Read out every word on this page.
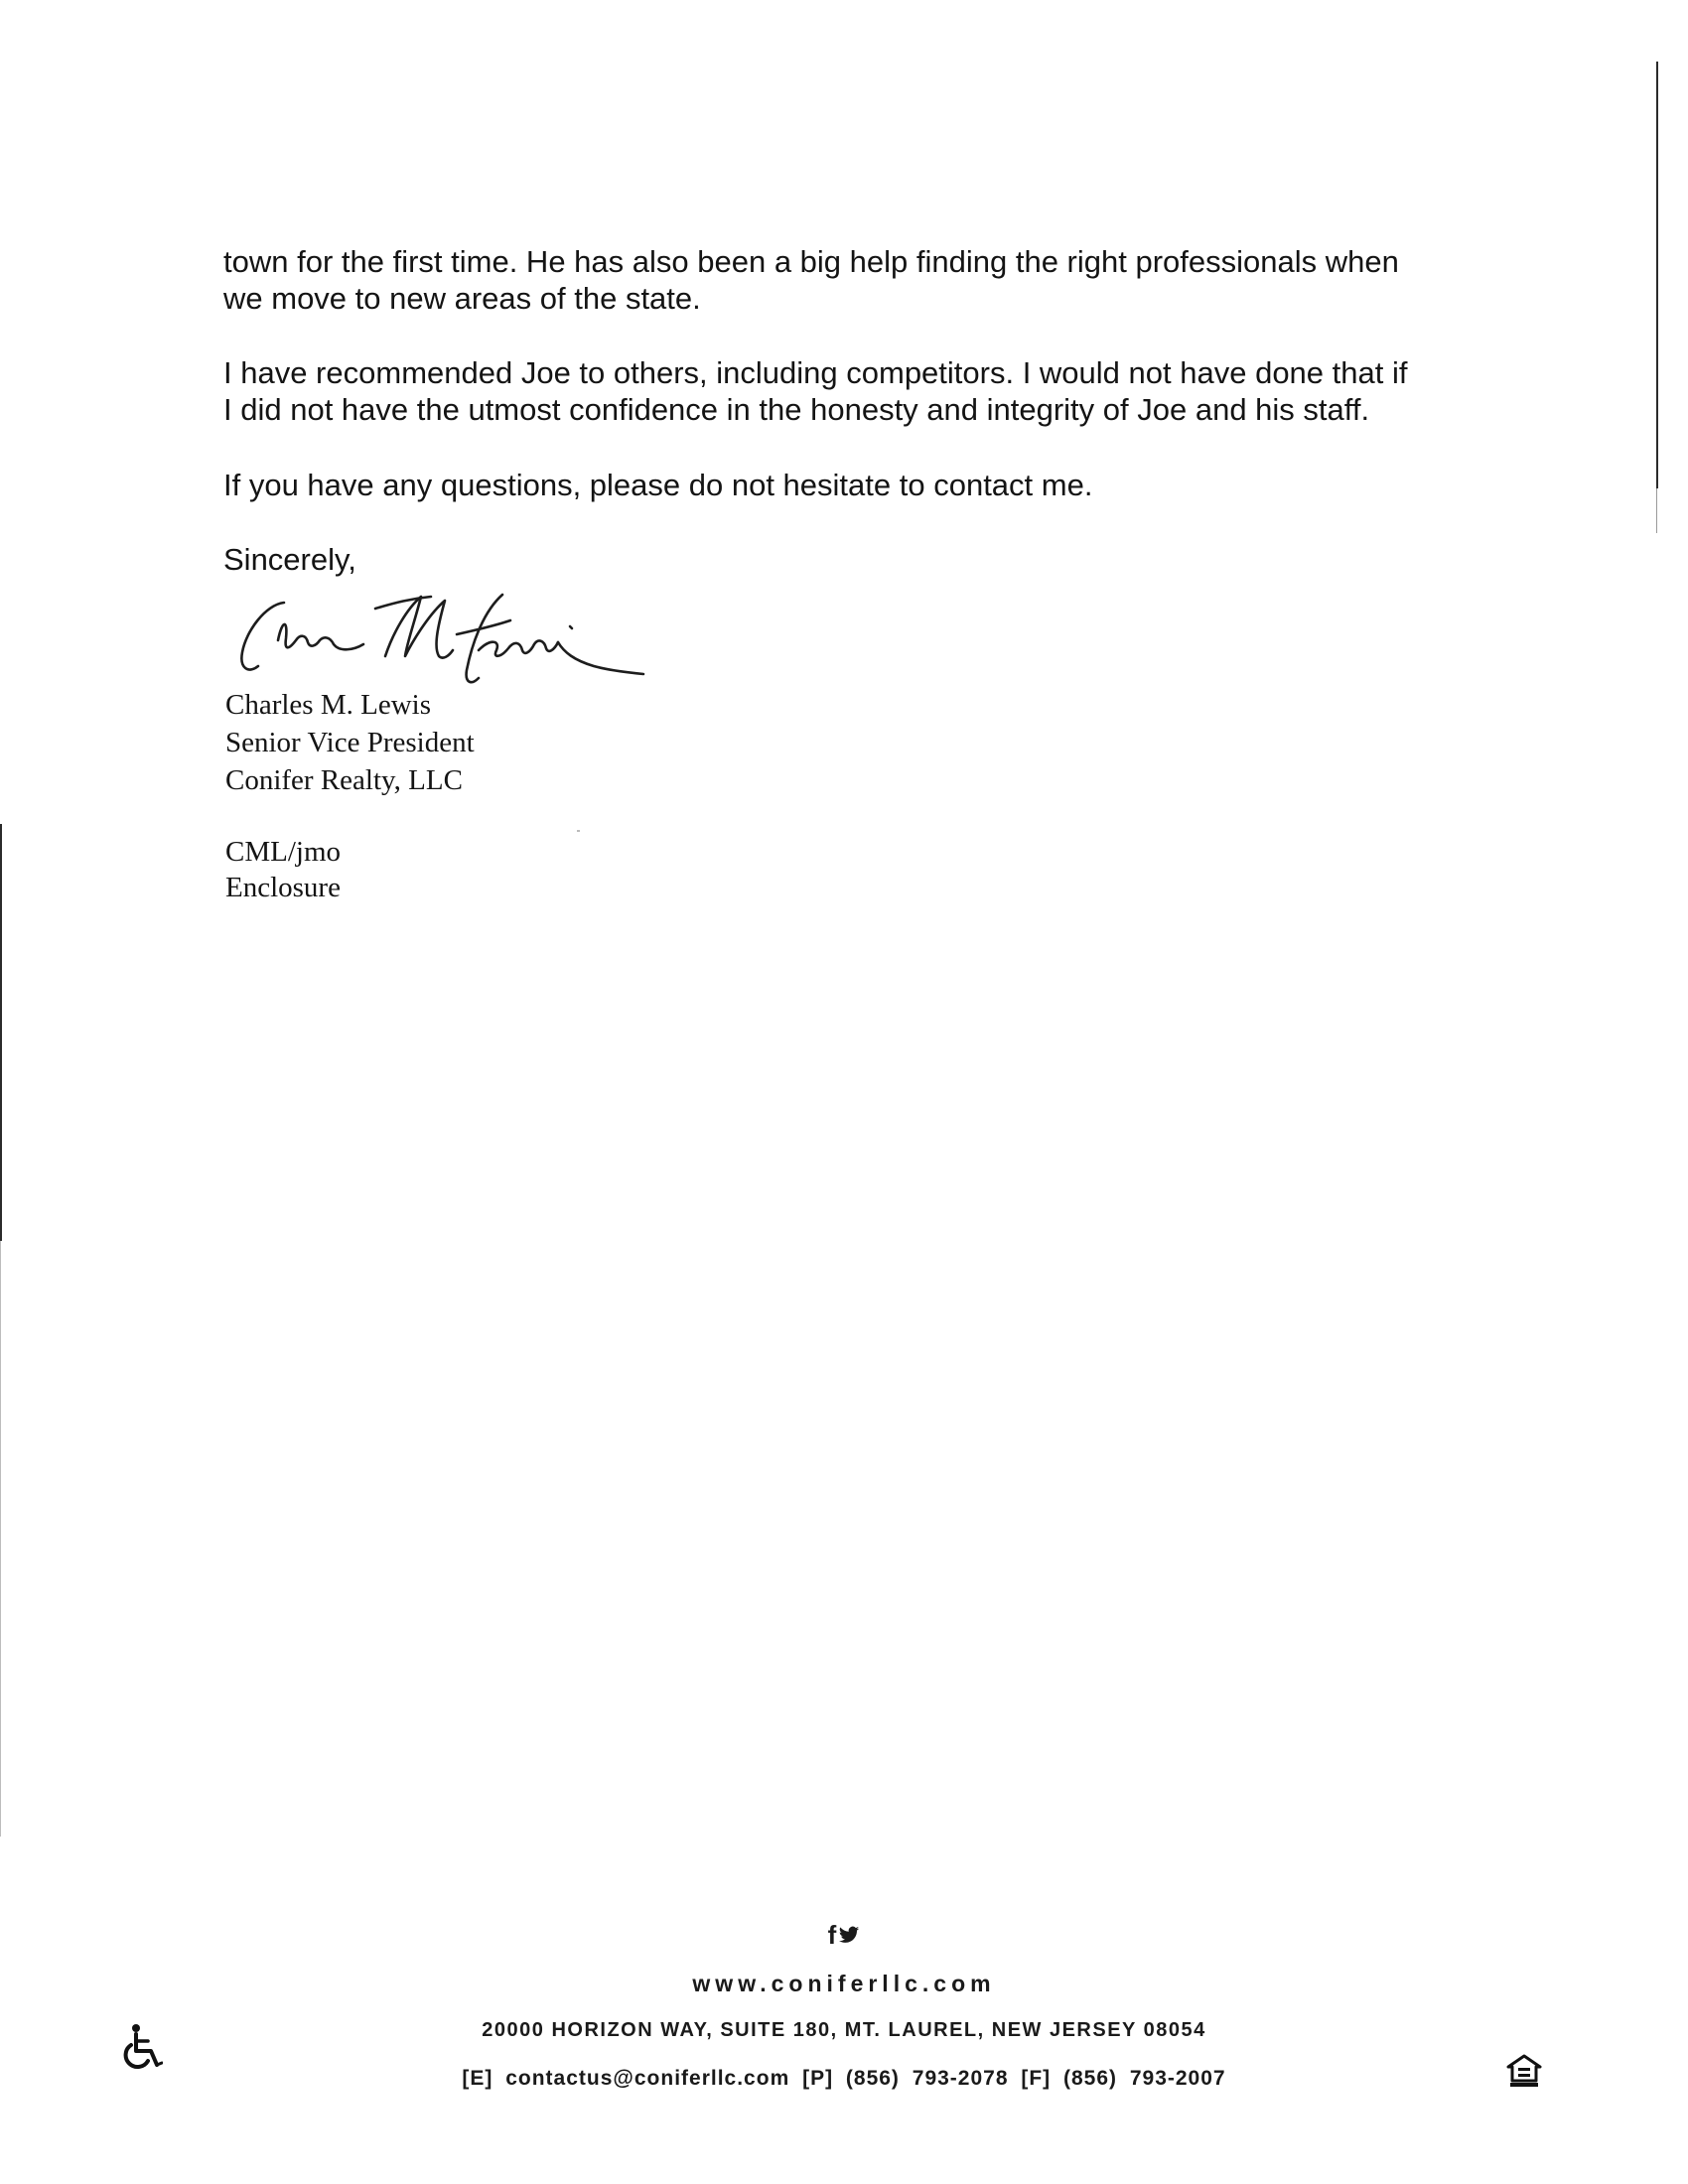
town for the first time. He has also been a big help finding the right professionals when
we move to new areas of the state.
I have recommended Joe to others, including competitors. I would not have done that if
I did not have the utmost confidence in the honesty and integrity of Joe and his staff.
If you have any questions, please do not hesitate to contact me.
Sincerely,
Charles M. Lewis
Senior Vice President
Conifer Realty, LLC
CML/jmo
Enclosure
f
www.coniferllc.com
20000 HORIZON WAY, SUITE 180, MT. LAUREL, NEW JERSEY 08054
[E] contactus@coniferllc.com [P] (856) 793-2078 [F] (856) 793-2007
